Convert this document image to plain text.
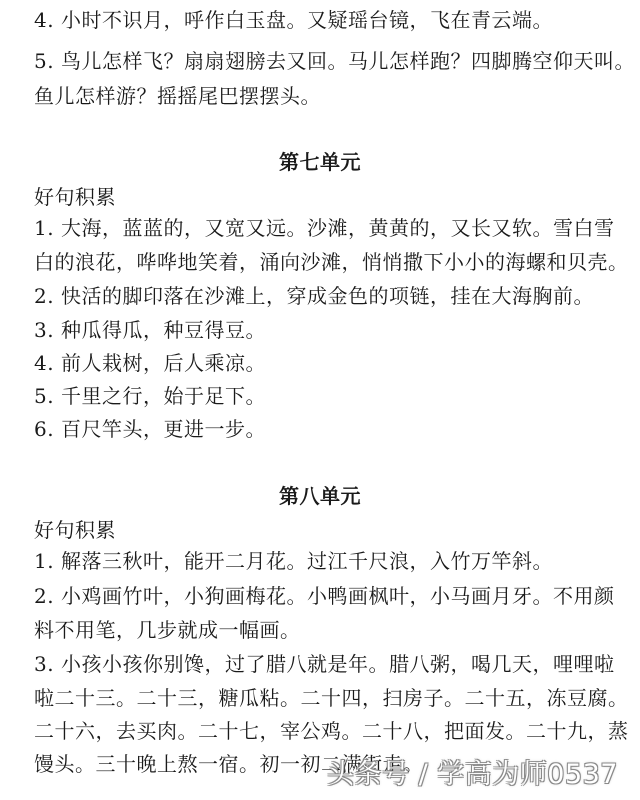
4. 小时不识月，呼作白玉盘。又疑瑶台镜，飞在青云端。
5. 鸟儿怎样飞？扇扇翅膀去又回。马儿怎样跑？四脚腾空仰天叫。
鱼儿怎样游？摇摇尾巴摆摆头。
第七单元
好句积累
1. 大海，蓝蓝的，又宽又远。沙滩，黄黄的，又长又软。雪白雪
白的浪花，哗哗地笑着，涌向沙滩，悄悄撒下小小的海螺和贝壳。
2. 快活的脚印落在沙滩上，穿成金色的项链，挂在大海胸前。
3. 种瓜得瓜，种豆得豆。
4. 前人栽树，后人乘凉。
5. 千里之行，始于足下。
6. 百尺竿头，更进一步。
第八单元
好句积累
1. 解落三秋叶，能开二月花。过江千尺浪，入竹万竿斜。
2. 小鸡画竹叶，小狗画梅花。小鸭画枫叶，小马画月牙。不用颜
料不用笔，几步就成一幅画。
3. 小孩小孩你别馋，过了腊八就是年。腊八粥，喝几天，哩哩啦
啦二十三。二十三，糖瓜粘。二十四，扫房子。二十五，冻豆腐。
二十六，去买肉。二十七，宰公鸡。二十八，把面发。二十九，蒸
馒头。三十晚上熬一宿。初一初二满街走。
头条号 / 学高为师0537
